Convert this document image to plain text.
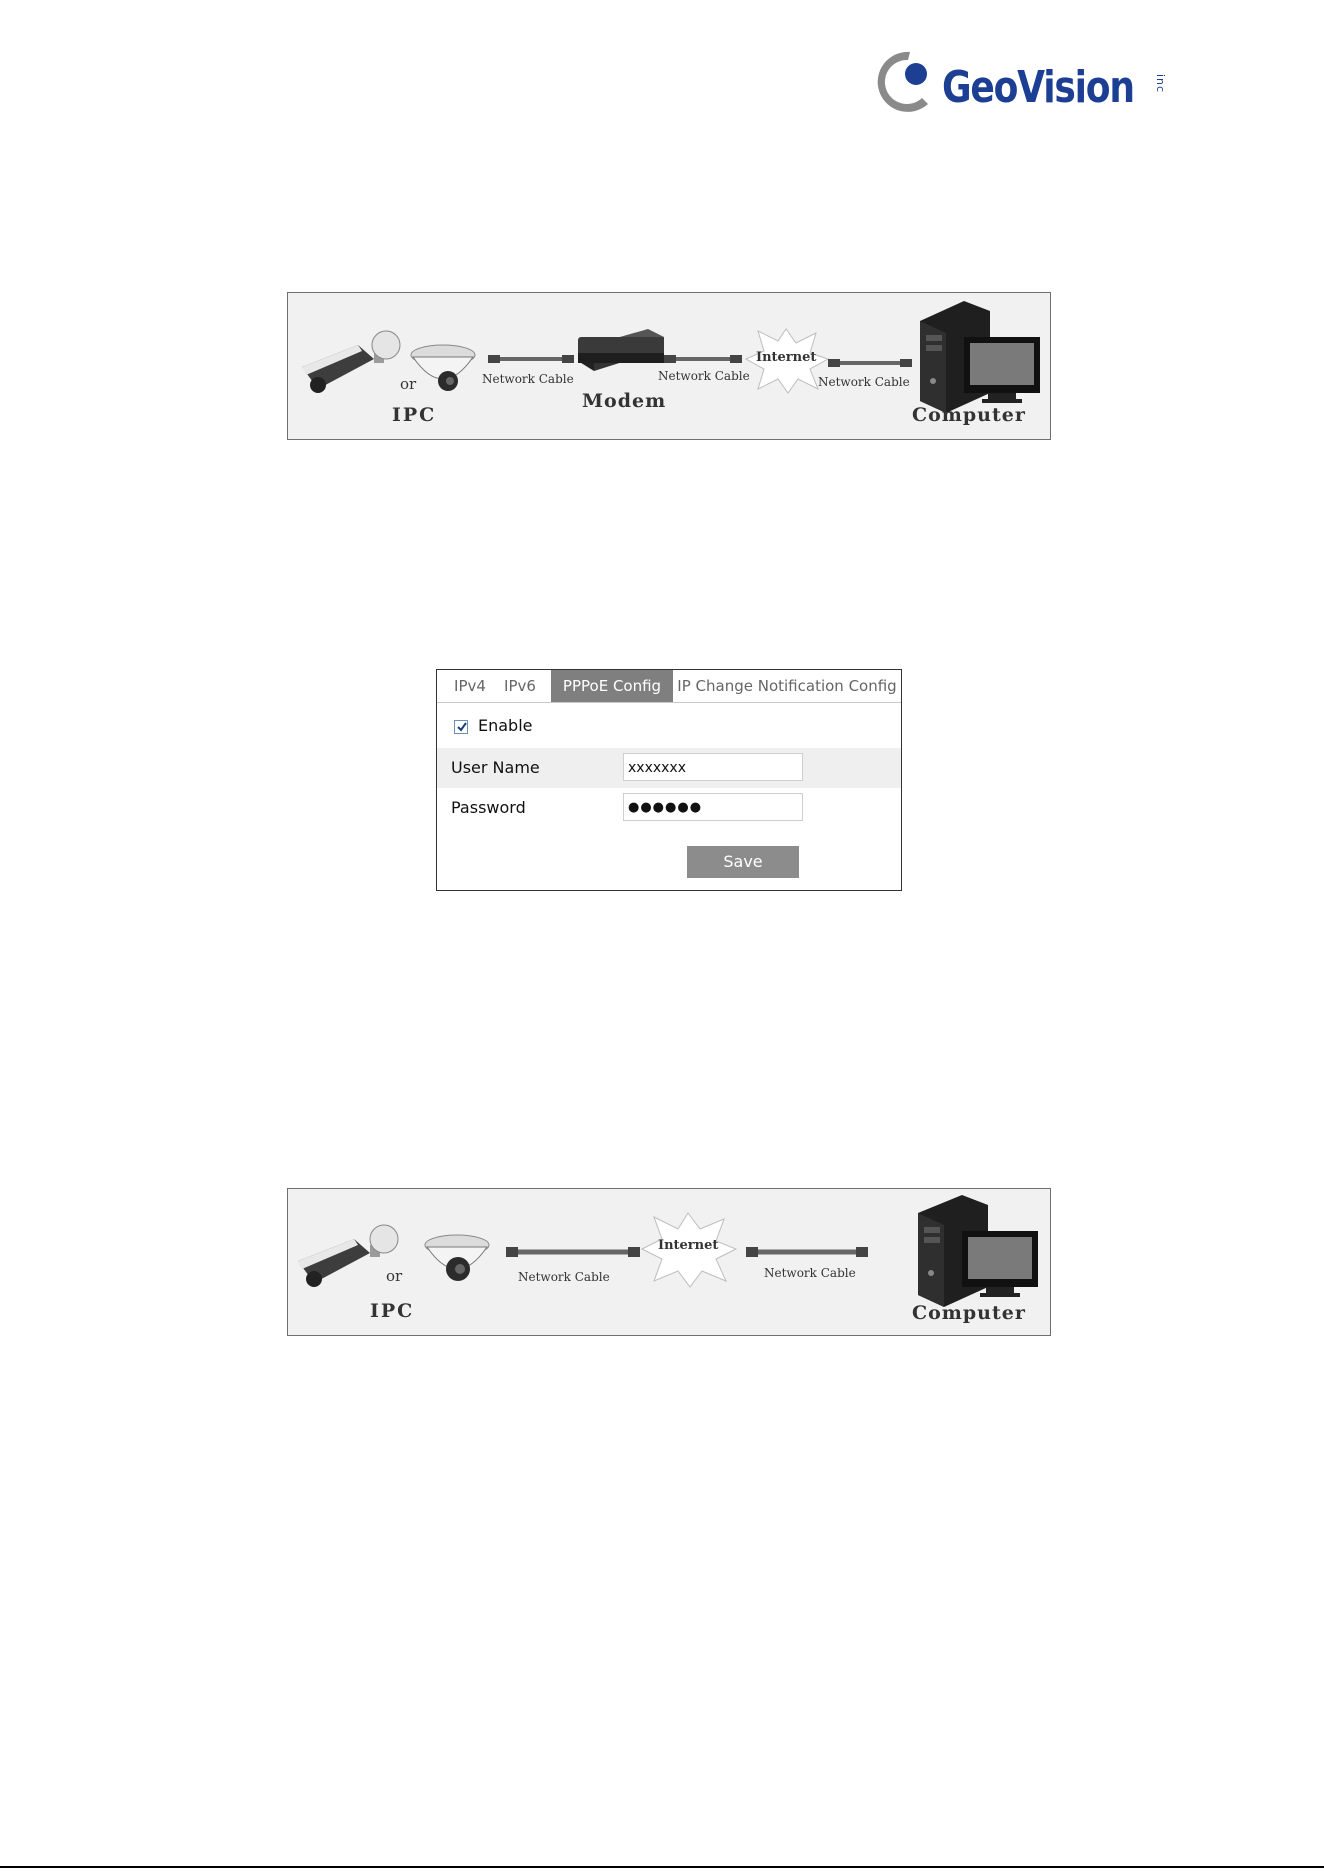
GeoVision inc
or
IPC
Network Cable
Modem
Network Cable
Internet
Network Cable
Computer
IPv4	IPv6	PPPoE Config	IP Change Notification Config
Enable
User Name	xxxxxxx
Password	●●●●●●
Save
or
IPC
Network Cable
Internet
Network Cable
Computer
